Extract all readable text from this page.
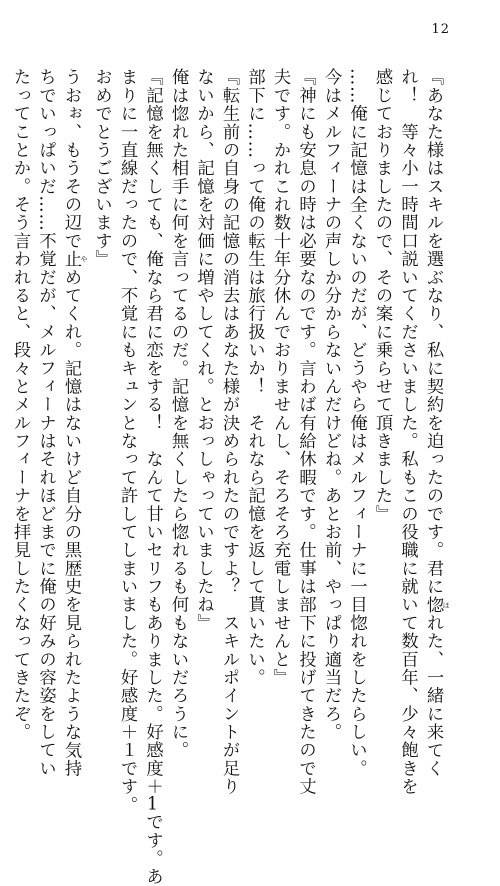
12
『あなた様はスキルを選ぶなり、私に契約を迫ったのです。君に惚 ほれた、一緒に来てく
れ！　等々小一時間口説いてくださいました。私もこの役職に就いて数百年、少々飽きを
感じておりましたので、その案に乗らせて頂きました』
……俺に記憶は全くないのだが、どうやら俺はメルフィーナに一目惚れをしたらしい。
今はメルフィーナの声しか分からないんだけどね。あとお前、やっぱり適当だろ。
『神にも安息の時は必要なのです。言わば有給休暇です。仕事は部下に投げてきたので丈
夫です。かれこれ数十年分休んでおりませんし、そろそろ充電しませんと』
部下に……って俺の転生は旅行扱いか！　それなら記憶を返して貰いたい。
『転生前の自身の記憶の消去はあなた様が決められたのですよ？　スキルポイントが足り
ないから、記憶を対価に増やしてくれ。とおっしゃっていましたね』
俺は惚れた相手に何を言ってるのだ。記憶を無くしたら惚れるも何もないだろうに。
『記憶を無くしても、俺なら君に恋をする！　なんて甘いセリフもありました。好感度＋1です。あ
まりに一直線だったので、不覚にもキュンとなって許してしまいました。好感度＋１です。
おめでとうございます』
うおぉ、もうその辺で止 やめてくれ。記憶はないけど自分の黒歴史を見られたような気持
ちでいっぱいだ……不覚だが、メルフィーナはそれほどまでに俺の好みの容姿をしてい
たってことか。そう言われると、段々とメルフィーナを拝見したくなってきたぞ。
